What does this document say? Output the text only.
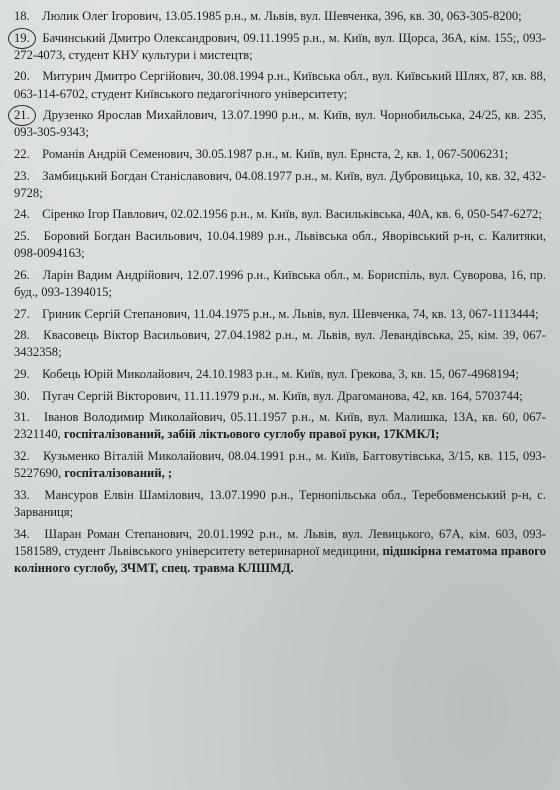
18. Люлик Олег Ігорович, 13.05.1985 р.н., м. Львів, вул. Шевченка, 396, кв. 30, 063-305-8200;
19. Бачинський Дмитро Олександрович, 09.11.1995 р.н., м. Київ, вул. Щорса, 36А, кім. 155;, 093-272-4073, студент КНУ культури і мистецтв;
20. Митурич Дмитро Сергійович, 30.08.1994 р.н., Київська обл., вул. Київський Шлях, 87, кв. 88, 063-114-6702, студент Київського педагогічного університету;
21. Друзенко Ярослав Михайлович, 13.07.1990 р.н., м. Київ, вул. Чорнобильська, 24/25, кв. 235, 093-305-9343;
22. Романів Андрій Семенович, 30.05.1987 р.н., м. Київ, вул. Ернста, 2, кв. 1, 067-5006231;
23. Замбицький Богдан Станіславович, 04.08.1977 р.н., м. Київ, вул. Дубровицька, 10, кв. 32, 432-9728;
24. Сіренко Ігор Павлович, 02.02.1956 р.н., м. Київ, вул. Васильківська, 40А, кв. 6, 050-547-6272;
25. Боровий Богдан Васильович, 10.04.1989 р.н., Львівська обл., Яворівський р-н, с. Калитяки, 098-0094163;
26. Ларін Вадим Андрійович, 12.07.1996 р.н., Київська обл., м. Бориспіль, вул. Суворова, 16, пр. буд., 093-1394015;
27. Гриник Сергій Степанович, 11.04.1975 р.н., м. Львів, вул. Шевченка, 74, кв. 13, 067-1113444;
28. Квасовець Віктор Васильович, 27.04.1982 р.н., м. Львів, вул. Левандівська, 25, кім. 39, 067-3432358;
29. Кобець Юрій Миколайович, 24.10.1983 р.н., м. Київ, вул. Грекова, 3, кв. 15, 067-4968194;
30. Пугач Сергій Вікторович, 11.11.1979 р.н., м. Київ, вул. Драгоманова, 42, кв. 164, 5703744;
31. Іванов Володимир Миколайович, 05.11.1957 р.н., м. Київ, вул. Малишка, 13А, кв. 60, 067-2321140, госпіталізований, забій ліктьового суглобу правої руки, 17КМКЛ;
32. Кузьменко Віталій Миколайович, 08.04.1991 р.н., м. Київ, Багговутівська, 3/15, кв. 115, 093-5227690, госпіталізований, ;
33. Мансуров Елвін Шамілович, 13.07.1990 р.н., Тернопільська обл., Теребовменський р-н, с. Зарваниця;
34. Шаран Роман Степанович, 20.01.1992 р.н., м. Львів, вул. Левицького, 67А, кім. 603, 093-1581589, студент Львівського університету ветеринарної медицини, підшкірна гематома правого колінного суглобу, ЗЧМТ, спец. травма КЛШМД.
